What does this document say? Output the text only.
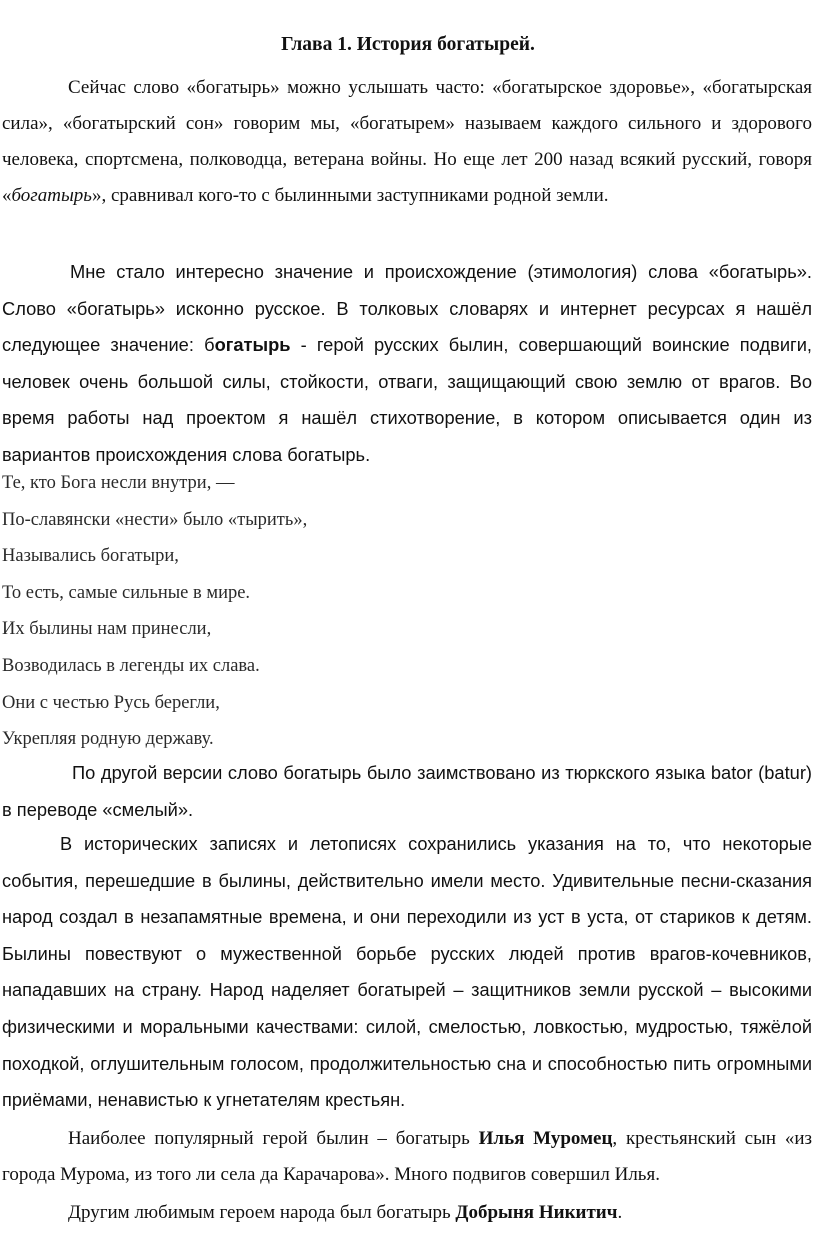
Глава 1. История богатырей.

Сейчас слово «богатырь» можно услышать часто: «богатырское здоровье», «богатырская сила», «богатырский сон» говорим мы, «богатырем» называем каждого сильного и здорового человека, спортсмена, полководца, ветерана войны. Но еще лет 200 назад всякий русский, говоря «богатырь», сравнивал кого-то с былинными заступниками родной земли.

Мне стало интересно значение и происхождение (этимология) слова «богатырь». Слово «богатырь» исконно русское. В толковых словарях и интернет ресурсах я нашёл следующее значение: богатырь - герой русских былин, совершающий воинские подвиги, человек очень большой силы, стойкости, отваги, защищающий свою землю от врагов. Во время работы над проектом я нашёл стихотворение, в котором описывается один из вариантов происхождения слова богатырь.

Те, кто Бога несли внутри, —
По-славянски «нести» было «тырить»,
Назывались богатыри,
То есть, самые сильные в мире.
Их былины нам принесли,
Возводилась в легенды их слава.
Они с честью Русь берегли,
Укрепляя родную державу.

По другой версии слово богатырь было заимствовано из тюркского языка bator (batur) в переводе «смелый».

В исторических записях и летописях сохранились указания на то, что некоторые события, перешедшие в былины, действительно имели место. Удивительные песни-сказания народ создал в незапамятные времена, и они переходили из уст в уста, от стариков к детям. Былины повествуют о мужественной борьбе русских людей против врагов-кочевников, нападавших на страну. Народ наделяет богатырей – защитников земли русской – высокими физическими и моральными качествами: силой, смелостью, ловкостью, мудростью, тяжёлой походкой, оглушительным голосом, продолжительностью сна и способностью пить огромными приёмами, ненавистью к угнетателям крестьян.

Наиболее популярный герой былин – богатырь Илья Муромец, крестьянский сын «из города Мурома, из того ли села да Карачарова». Много подвигов совершил Илья.

Другим любимым героем народа был богатырь Добрыня Никитич.
